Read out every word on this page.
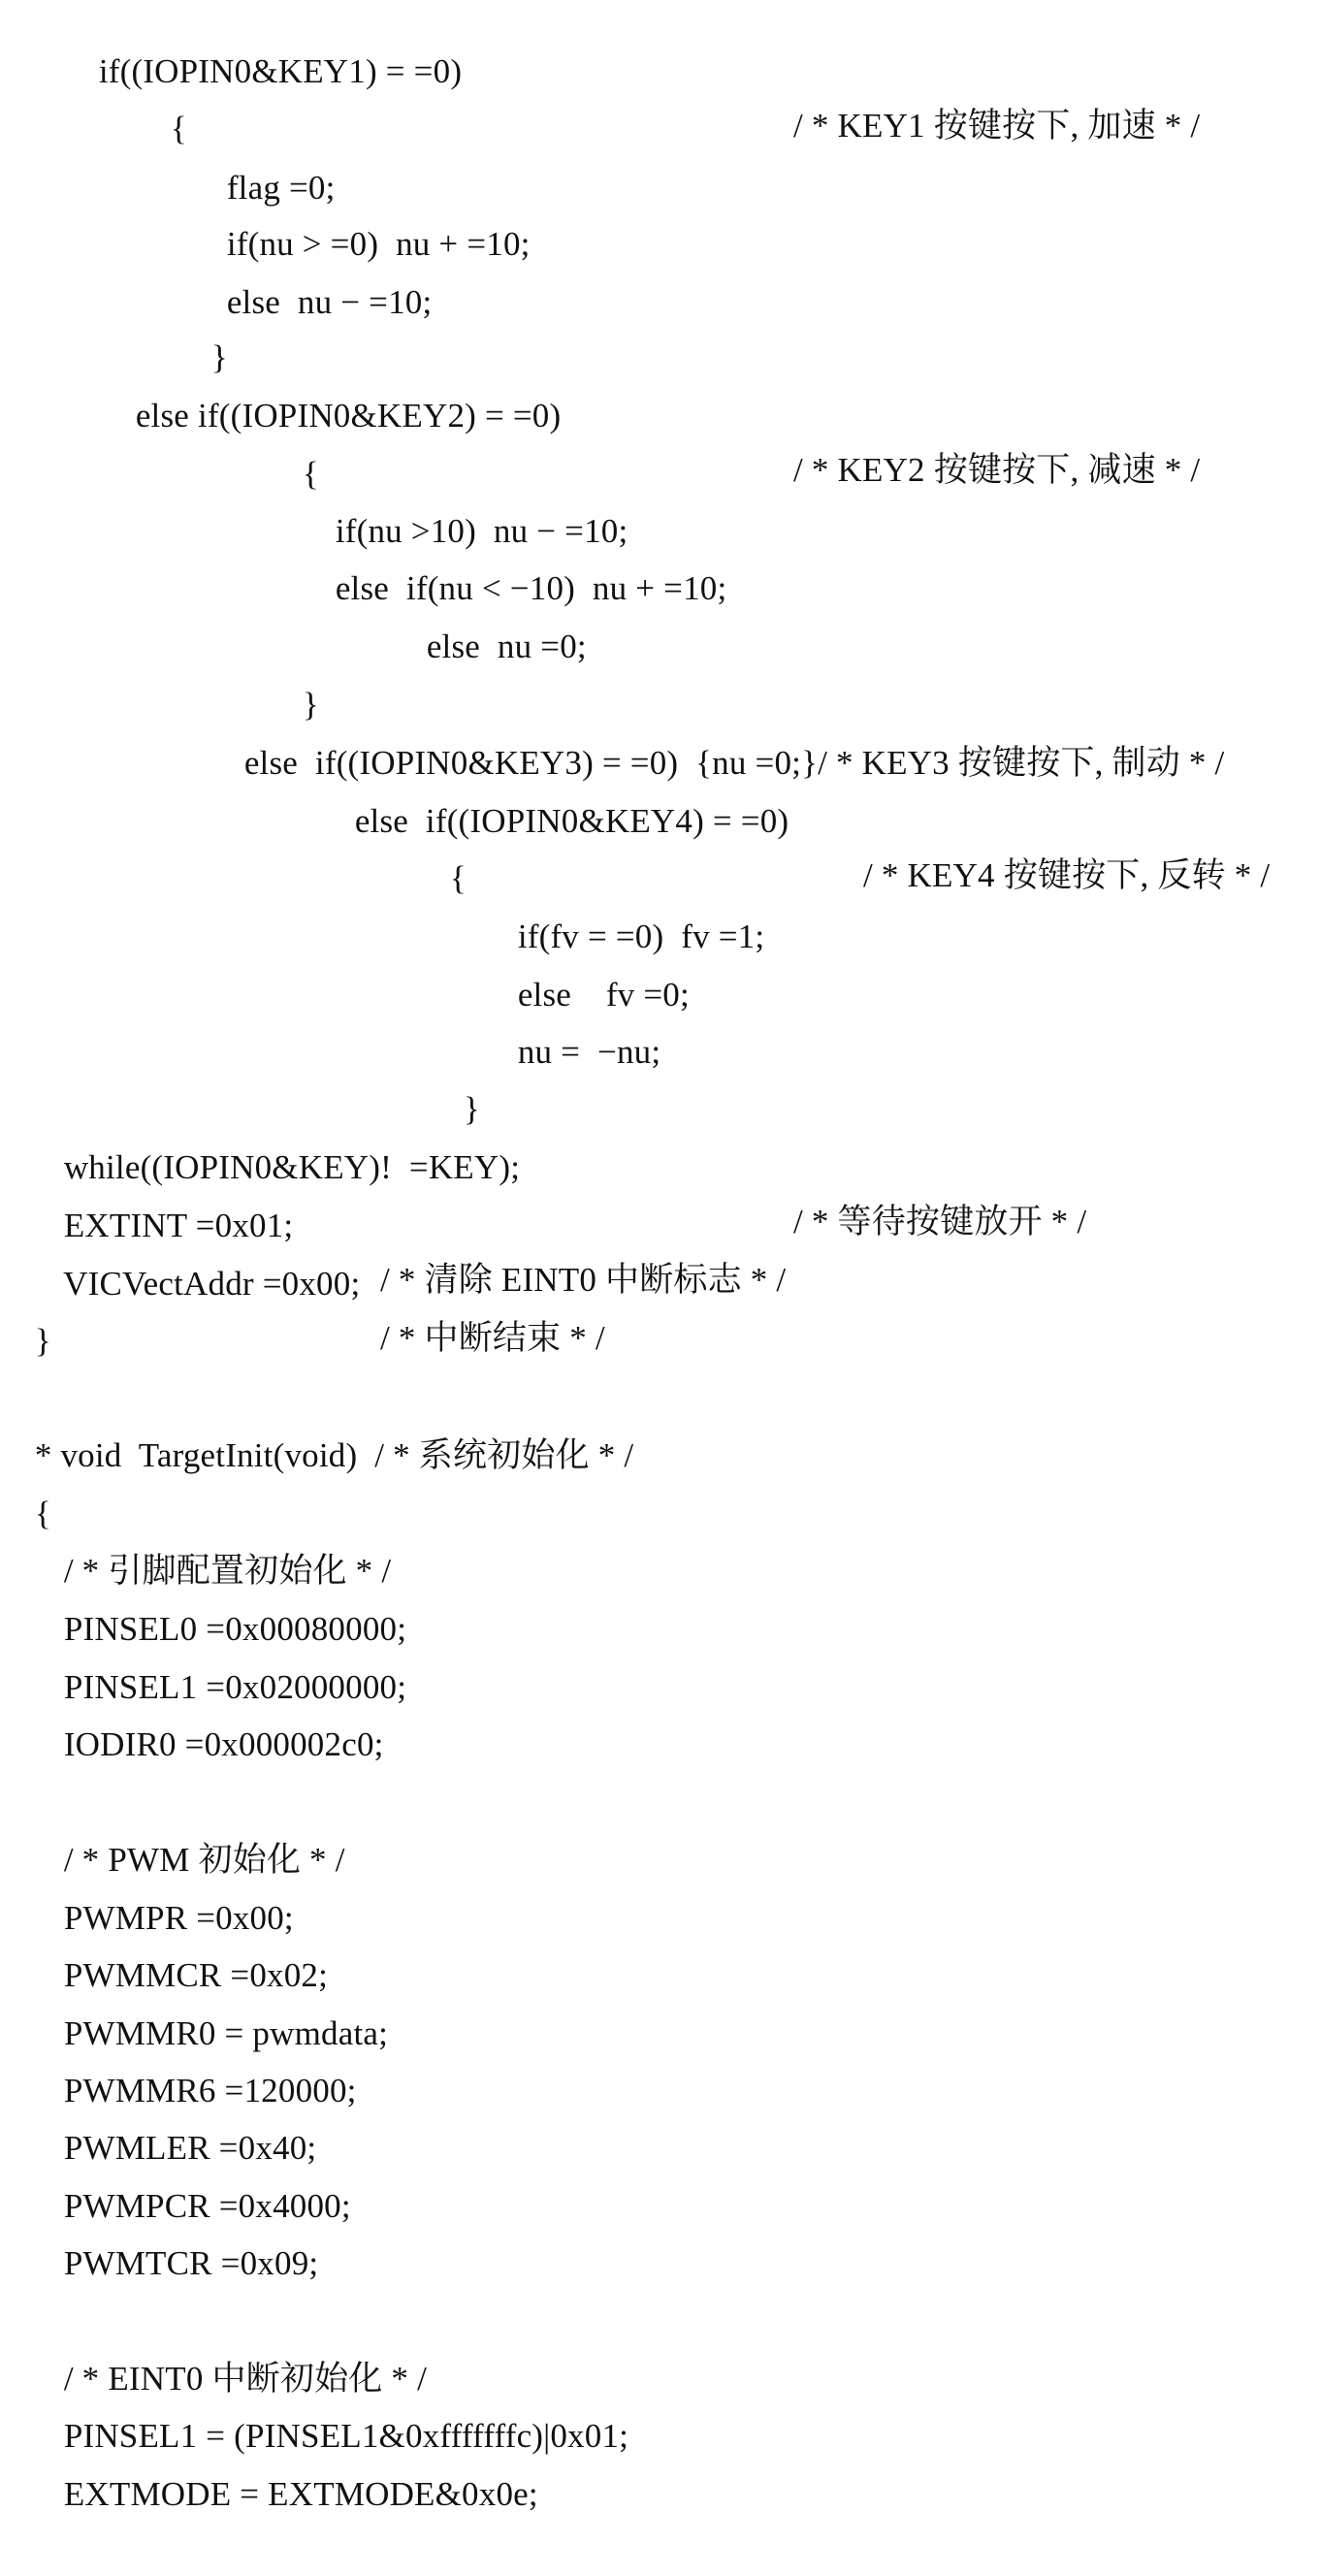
if((IOPIN0&KEY1) = =0)

/ * KEY1 按键按下, 加速 * /

{

flag =0;

if(nu > =0)  nu + =10;

else  nu − =10;

}

else if((IOPIN0&KEY2) = =0)

/ * KEY2 按键按下, 减速 * /

{

if(nu >10)  nu − =10;

else  if(nu < −10)  nu + =10;

else  nu =0;

}

else  if((IOPIN0&KEY3) = =0)  {nu =0;}/ * KEY3 按键按下, 制动 * /

else  if((IOPIN0&KEY4) = =0)

/ * KEY4 按键按下, 反转 * /

{

if(fv = =0)  fv =1;

else    fv =0;

nu =  −nu;

}

while((IOPIN0&KEY)!  =KEY);

/ * 等待按键放开 * /

EXTINT =0x01;

/ * 清除 EINT0 中断标志 * /

VICVectAddr =0x00;

/ * 中断结束 * /

}

* void  TargetInit(void)  / * 系统初始化 * /

{

/ * 引脚配置初始化 * /

PINSEL0 =0x00080000;

PINSEL1 =0x02000000;

IODIR0 =0x000002c0;

/ * PWM 初始化 * /

PWMPR =0x00;

PWMMCR =0x02;

PWMMR0 = pwmdata;

PWMMR6 =120000;

PWMLER =0x40;

PWMPCR =0x4000;

PWMTCR =0x09;

/ * EINT0 中断初始化 * /

PINSEL1 = (PINSEL1&0xfffffffc)|0x01;

EXTMODE = EXTMODE&0x0e;
